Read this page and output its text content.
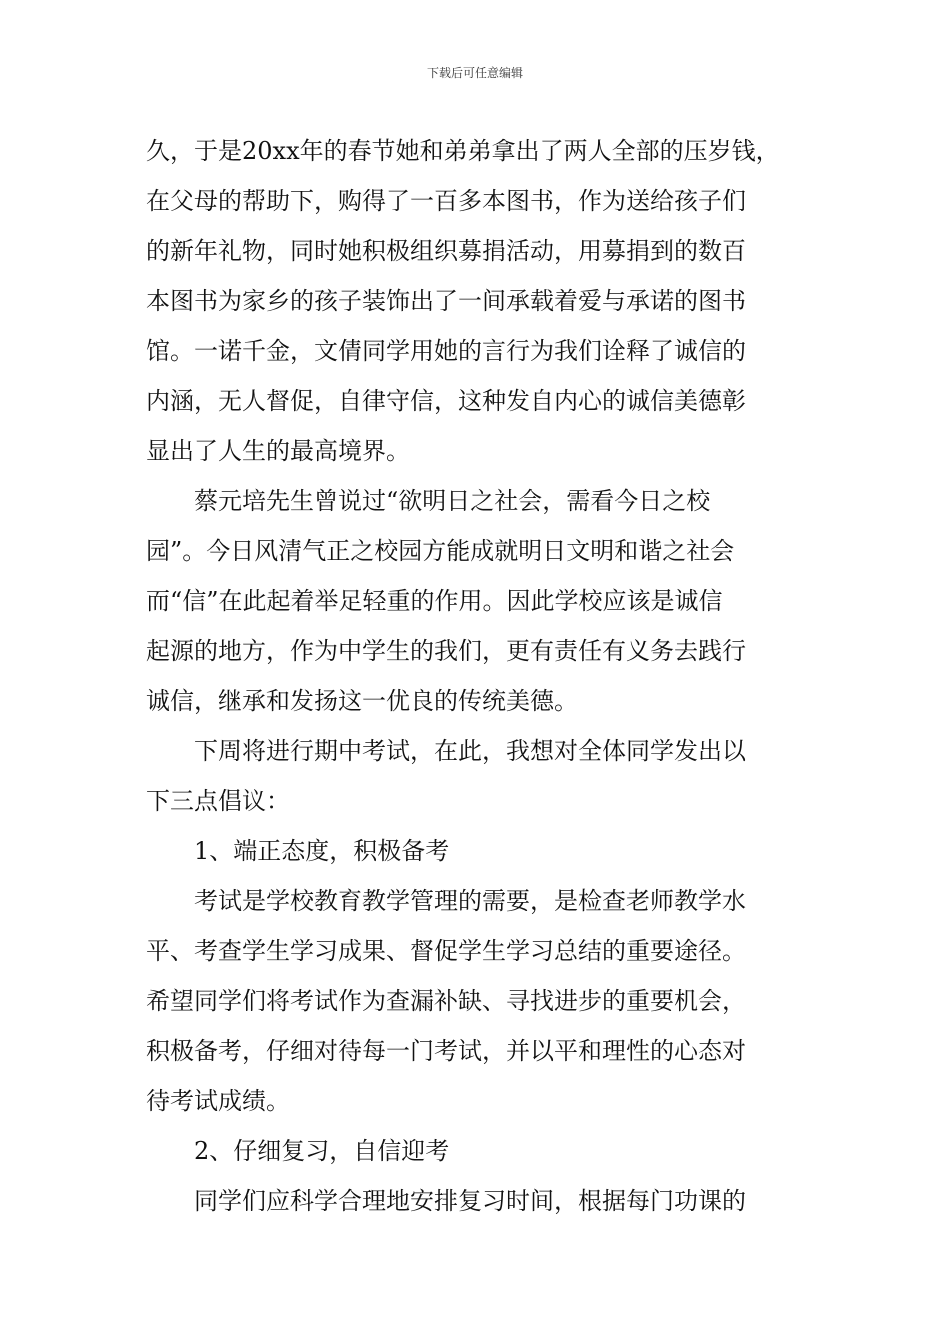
下载后可任意编辑
久，于是20xx年的春节她和弟弟拿出了两人全部的压岁钱，
在父母的帮助下，购得了一百多本图书，作为送给孩子们
的新年礼物，同时她积极组织募捐活动，用募捐到的数百
本图书为家乡的孩子装饰出了一间承载着爱与承诺的图书
馆。一诺千金，文倩同学用她的言行为我们诠释了诚信的
内涵，无人督促，自律守信，这种发自内心的诚信美德彰
显出了人生的最高境界。
蔡元培先生曾说过“欲明日之社会，需看今日之校
园”。今日风清气正之校园方能成就明日文明和谐之社会
而“信”在此起着举足轻重的作用。因此学校应该是诚信
起源的地方，作为中学生的我们，更有责任有义务去践行
诚信，继承和发扬这一优良的传统美德。
下周将进行期中考试，在此，我想对全体同学发出以
下三点倡议：
1、端正态度，积极备考
考试是学校教育教学管理的需要，是检查老师教学水
平、考查学生学习成果、督促学生学习总结的重要途径。
希望同学们将考试作为查漏补缺、寻找进步的重要机会，
积极备考，仔细对待每一门考试，并以平和理性的心态对
待考试成绩。
2、仔细复习，自信迎考
同学们应科学合理地安排复习时间，根据每门功课的
